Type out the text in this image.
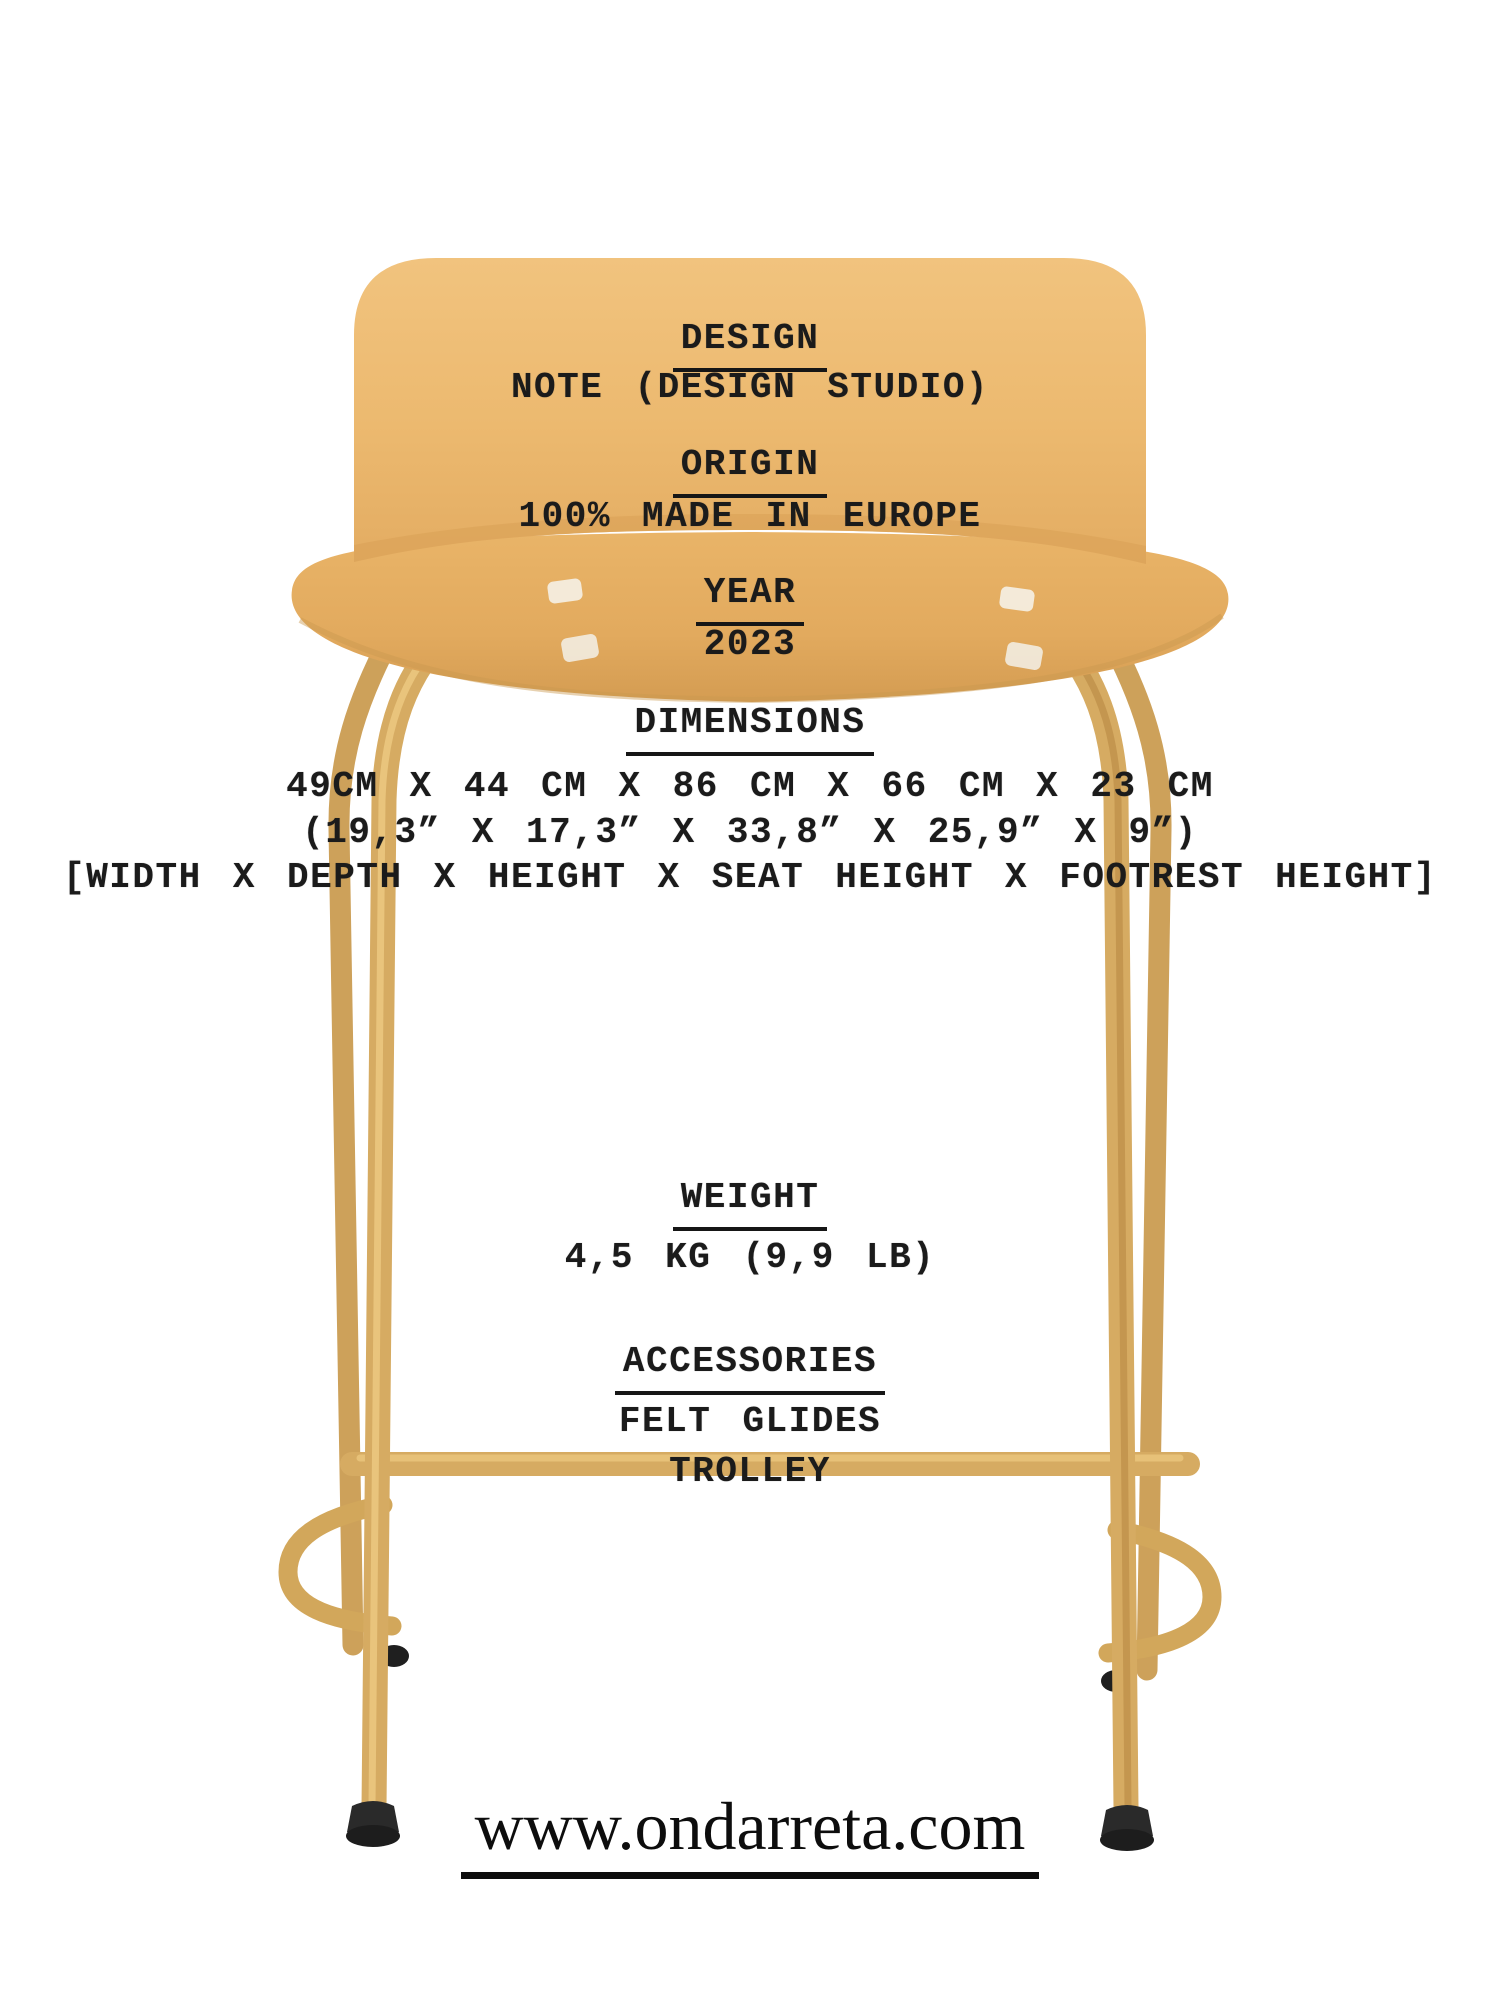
DESIGN
NOTE (DESIGN STUDIO)
ORIGIN
100% MADE IN EUROPE
YEAR
2023
DIMENSIONS
49CM X 44 CM X 86 CM X 66 CM X 23 CM
(19,3” X 17,3” X 33,8” X 25,9” X 9”)
[WIDTH X DEPTH X HEIGHT X SEAT HEIGHT X FOOTREST HEIGHT]
WEIGHT
4,5 KG (9,9 LB)
ACCESSORIES
FELT GLIDES
TROLLEY
www.ondarreta.com
